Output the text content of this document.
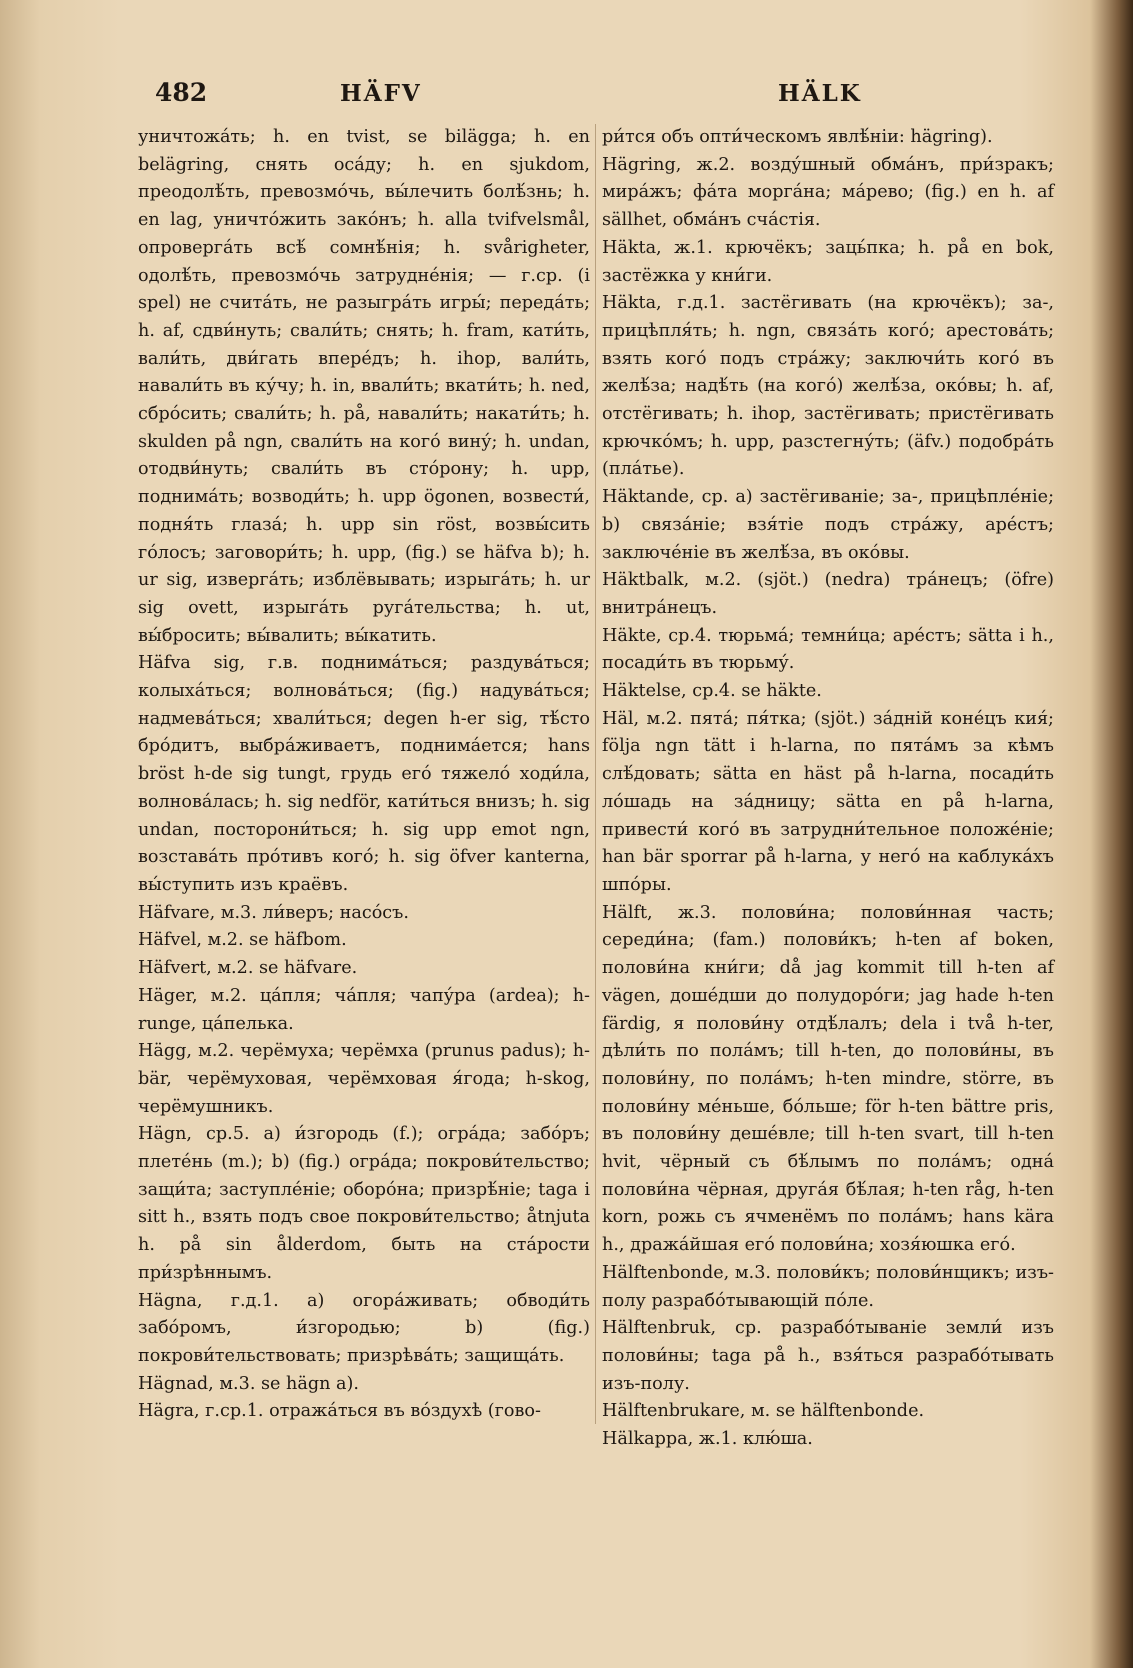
482	HÄFV	HÄLK

уничтожа́ть; h. en tvist, se biläggа; h. en belägring, снять оса́ду; h. en sjukdom, преодолѣ́ть, превозмо́чь, вы́лечить болѣ́знь; h. en lag, уничто́жить зако́нъ; h. alla tvifvelsmål, опроверга́ть всѣ́ сомнѣ́нія; h. svårigheter, одолѣ́ть, превозмо́чь затрудне́нія; — г.ср. (i spel) не счита́ть, не разыгра́ть игры́; переда́ть; h. af, сдви́нуть; свали́ть; снять; h. fram, кати́ть, вали́ть, дви́гать впере́дъ; h. ihop, вали́ть, навали́ть въ ку́чу; h. in, ввали́ть; вкати́ть; h. ned, сбро́сить; свали́ть; h. på, навали́ть; накати́ть; h. skulden på ngn, свали́ть на кого́ вину́; h. undan, отодви́нуть; свали́ть въ сто́рону; h. upp, поднима́ть; возводи́ть; h. upp ögonen, возвести́, подня́ть глаза́; h. upp sin röst, возвы́сить го́лосъ; заговори́ть; h. upp, (fig.) se häfva b); h. ur sig, изверга́ть; изблёвывать; изрыга́ть; h. ur sig ovett, изрыга́ть руга́тельства; h. ut, вы́бросить; вы́валить; вы́катить.

Häfva sig, г.в. поднима́ться; раздува́ться; колыха́ться; волнова́ться; (fig.) надува́ться; надмева́ться; хвали́ться; degen h-er sig, тѣ́сто бро́дитъ, выбра́живаетъ, поднима́ется; hans bröst h-de sig tungt, грудь его́ тяжело́ ходи́ла, волнова́лась; h. sig nedför, кати́ться внизъ; h. sig undan, посторони́ться; h. sig upp emot ngn, возстава́ть про́тивъ кого́; h. sig öfver kanterna, вы́ступить изъ краёвъ.

Häfvare, м.3. ли́веръ; насо́съ.

Häfvel, м.2. se häfbom.

Häfvert, м.2. se häfvare.

Häger, м.2. ца́пля; ча́пля; чапу́ра (ardea); h-runge, ца́пелька.

Hägg, м.2. черёмуха; черёмха (prunus padus); h-bär, черёмуховая, черёмховая я́года; h-skog, черёмушникъ.

Hägn, ср.5. а) и́згородь (f.); огра́да; забо́ръ; плете́нь (m.); b) (fig.) огра́да; покрови́тельство; защи́та; заступле́ніе; оборо́на; призрѣ́ніе; taga i sitt h., взять подъ свое покрови́тельство; åtnjuta h. på sin ålderdom, быть на ста́рости при́зрѣннымъ.

Hägna, г.д.1. а) огора́живать; обводи́ть забо́ромъ, и́згородью; b) (fig.) покрови́тельствовать; призрѣва́ть; защища́ть.

Hägnad, м.3. se hägn а).

Hägra, г.ср.1. отража́ться въ во́здухѣ (гово-

ри́тся объ опти́ческомъ явлѣ́ніи: hägring).

Hägring, ж.2. возду́шный обма́нъ, при́зракъ; мира́жъ; фа́та морга́на; ма́рево; (fig.) en h. af sällhet, обма́нъ сча́стія.

Häkta, ж.1. крючёкъ; заць́пка; h. på en bok, застёжка у кни́ги.

Häkta, г.д.1. застёгивать (на крючёкъ); за-, прицѣпля́ть; h. ngn, связа́ть кого́; арестова́ть; взять кого́ подъ стра́жу; заключи́ть кого́ въ желѣ́за; надѣ́ть (на кого́) желѣ́за, око́вы; h. af, отстёгивать; h. ihop, застёгивать; пристёгивать крючко́мъ; h. upp, разстегну́ть; (äfv.) подобра́ть (пла́тье).

Häktande, ср. а) застёгиваніе; за-, прицѣпле́ніе; b) связа́ніе; взя́тіе подъ стра́жу, аре́стъ; заключе́ніе въ желѣ́за, въ око́вы.

Häktbalk, м.2. (sjöt.) (nedra) тра́нецъ; (öfre) внитра́нецъ.

Häkte, ср.4. тюрьма́; темни́ца; аре́стъ; sätta i h., посади́ть въ тюрьму́.

Häktelse, ср.4. se häkte.

Häl, м.2. пята́; пя́тка; (sjöt.) за́дній коне́цъ кия́; följa ngn tätt i h-larna, по пята́мъ за кѣмъ слѣ́довать; sätta en häst på h-larna, посади́ть ло́шадь на за́дницу; sätta en på h-larna, привести́ кого́ въ затрудни́тельное положе́ніе; han bär sporrar på h-larna, у него́ на каблука́хъ шпо́ры.

Hälft, ж.3. полови́на; полови́нная часть; середи́на; (fam.) полови́къ; h-ten af boken, полови́на кни́ги; då jag kommit till h-ten af vägen, доше́дши до полудоро́ги; jag hade h-ten färdig, я полови́ну отдѣ́лалъ; dela i två h-ter, дѣли́ть по пола́мъ; till h-ten, до полови́ны, въ полови́ну, по пола́мъ; h-ten mindre, större, въ полови́ну ме́ньше, бо́льше; för h-ten bättre pris, въ полови́ну деше́вле; till h-ten svart, till h-ten hvit, чёрный съ бѣ́лымъ по пола́мъ; одна́ полови́на чёрная, друга́я бѣ́лая; h-ten råg, h-ten korn, рожь съ ячменёмъ по пола́мъ; hans kära h., дража́йшая его́ полови́на; хозя́юшка его́.

Hälftenbonde, м.3. полови́къ; полови́нщикъ; изъ-полу разрабо́тывающій по́ле.

Hälftenbruk, ср. разрабо́тываніе земли́ изъ полови́ны; taga på h., взя́ться разрабо́тывать изъ-полу.

Hälftenbrukare, м. se hälftenbonde.

Hälkappa, ж.1. клю́ша.
